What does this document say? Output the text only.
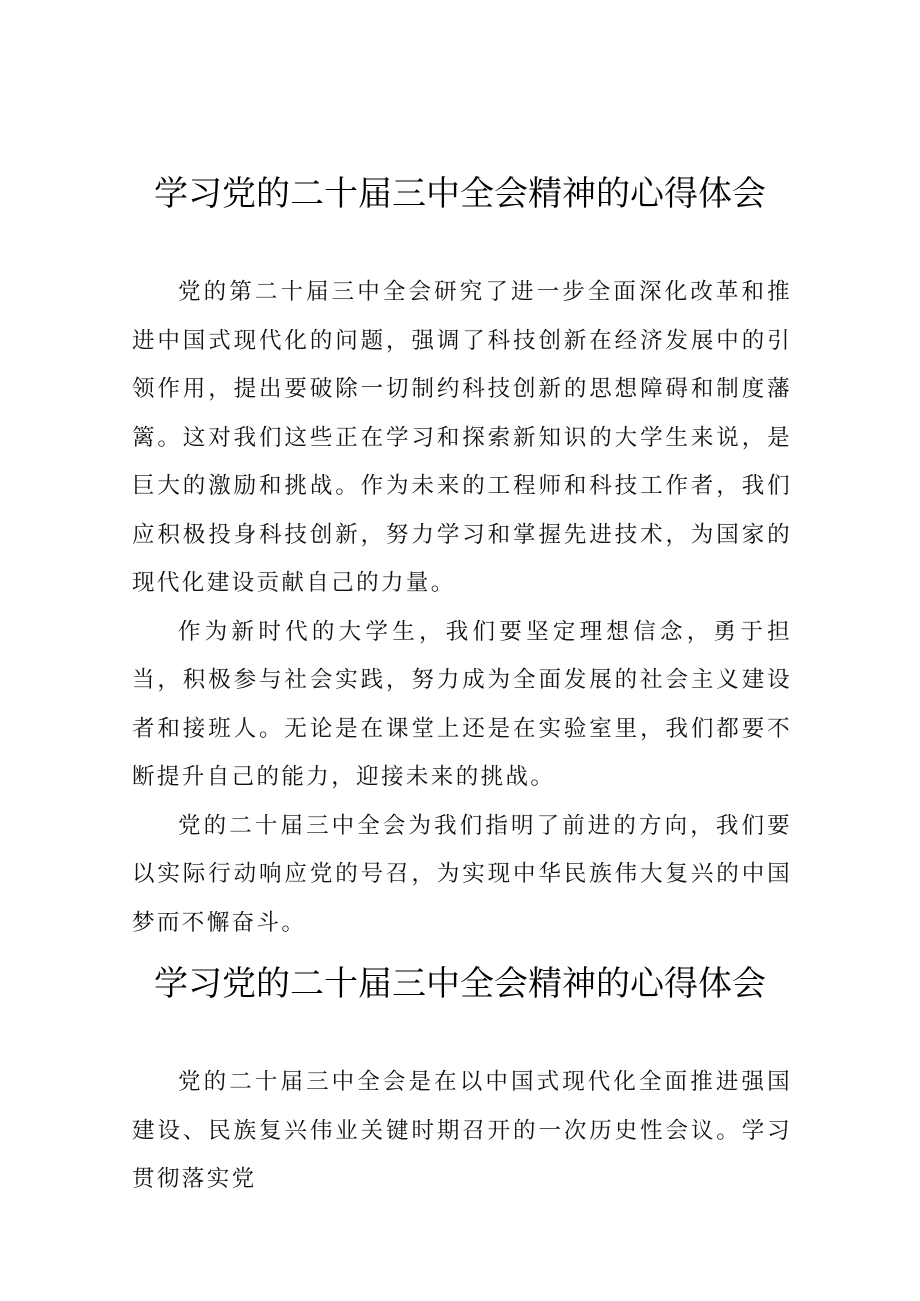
学习党的二十届三中全会精神的心得体会

党的第二十届三中全会研究了进一步全面深化改革和推进中国式现代化的问题，强调了科技创新在经济发展中的引领作用，提出要破除一切制约科技创新的思想障碍和制度藩篱。这对我们这些正在学习和探索新知识的大学生来说，是巨大的激励和挑战。作为未来的工程师和科技工作者，我们应积极投身科技创新，努力学习和掌握先进技术，为国家的现代化建设贡献自己的力量。

作为新时代的大学生，我们要坚定理想信念，勇于担当，积极参与社会实践，努力成为全面发展的社会主义建设者和接班人。无论是在课堂上还是在实验室里，我们都要不断提升自己的能力，迎接未来的挑战。

党的二十届三中全会为我们指明了前进的方向，我们要以实际行动响应党的号召，为实现中华民族伟大复兴的中国梦而不懈奋斗。

学习党的二十届三中全会精神的心得体会

党的二十届三中全会是在以中国式现代化全面推进强国建设、民族复兴伟业关键时期召开的一次历史性会议。学习贯彻落实党
